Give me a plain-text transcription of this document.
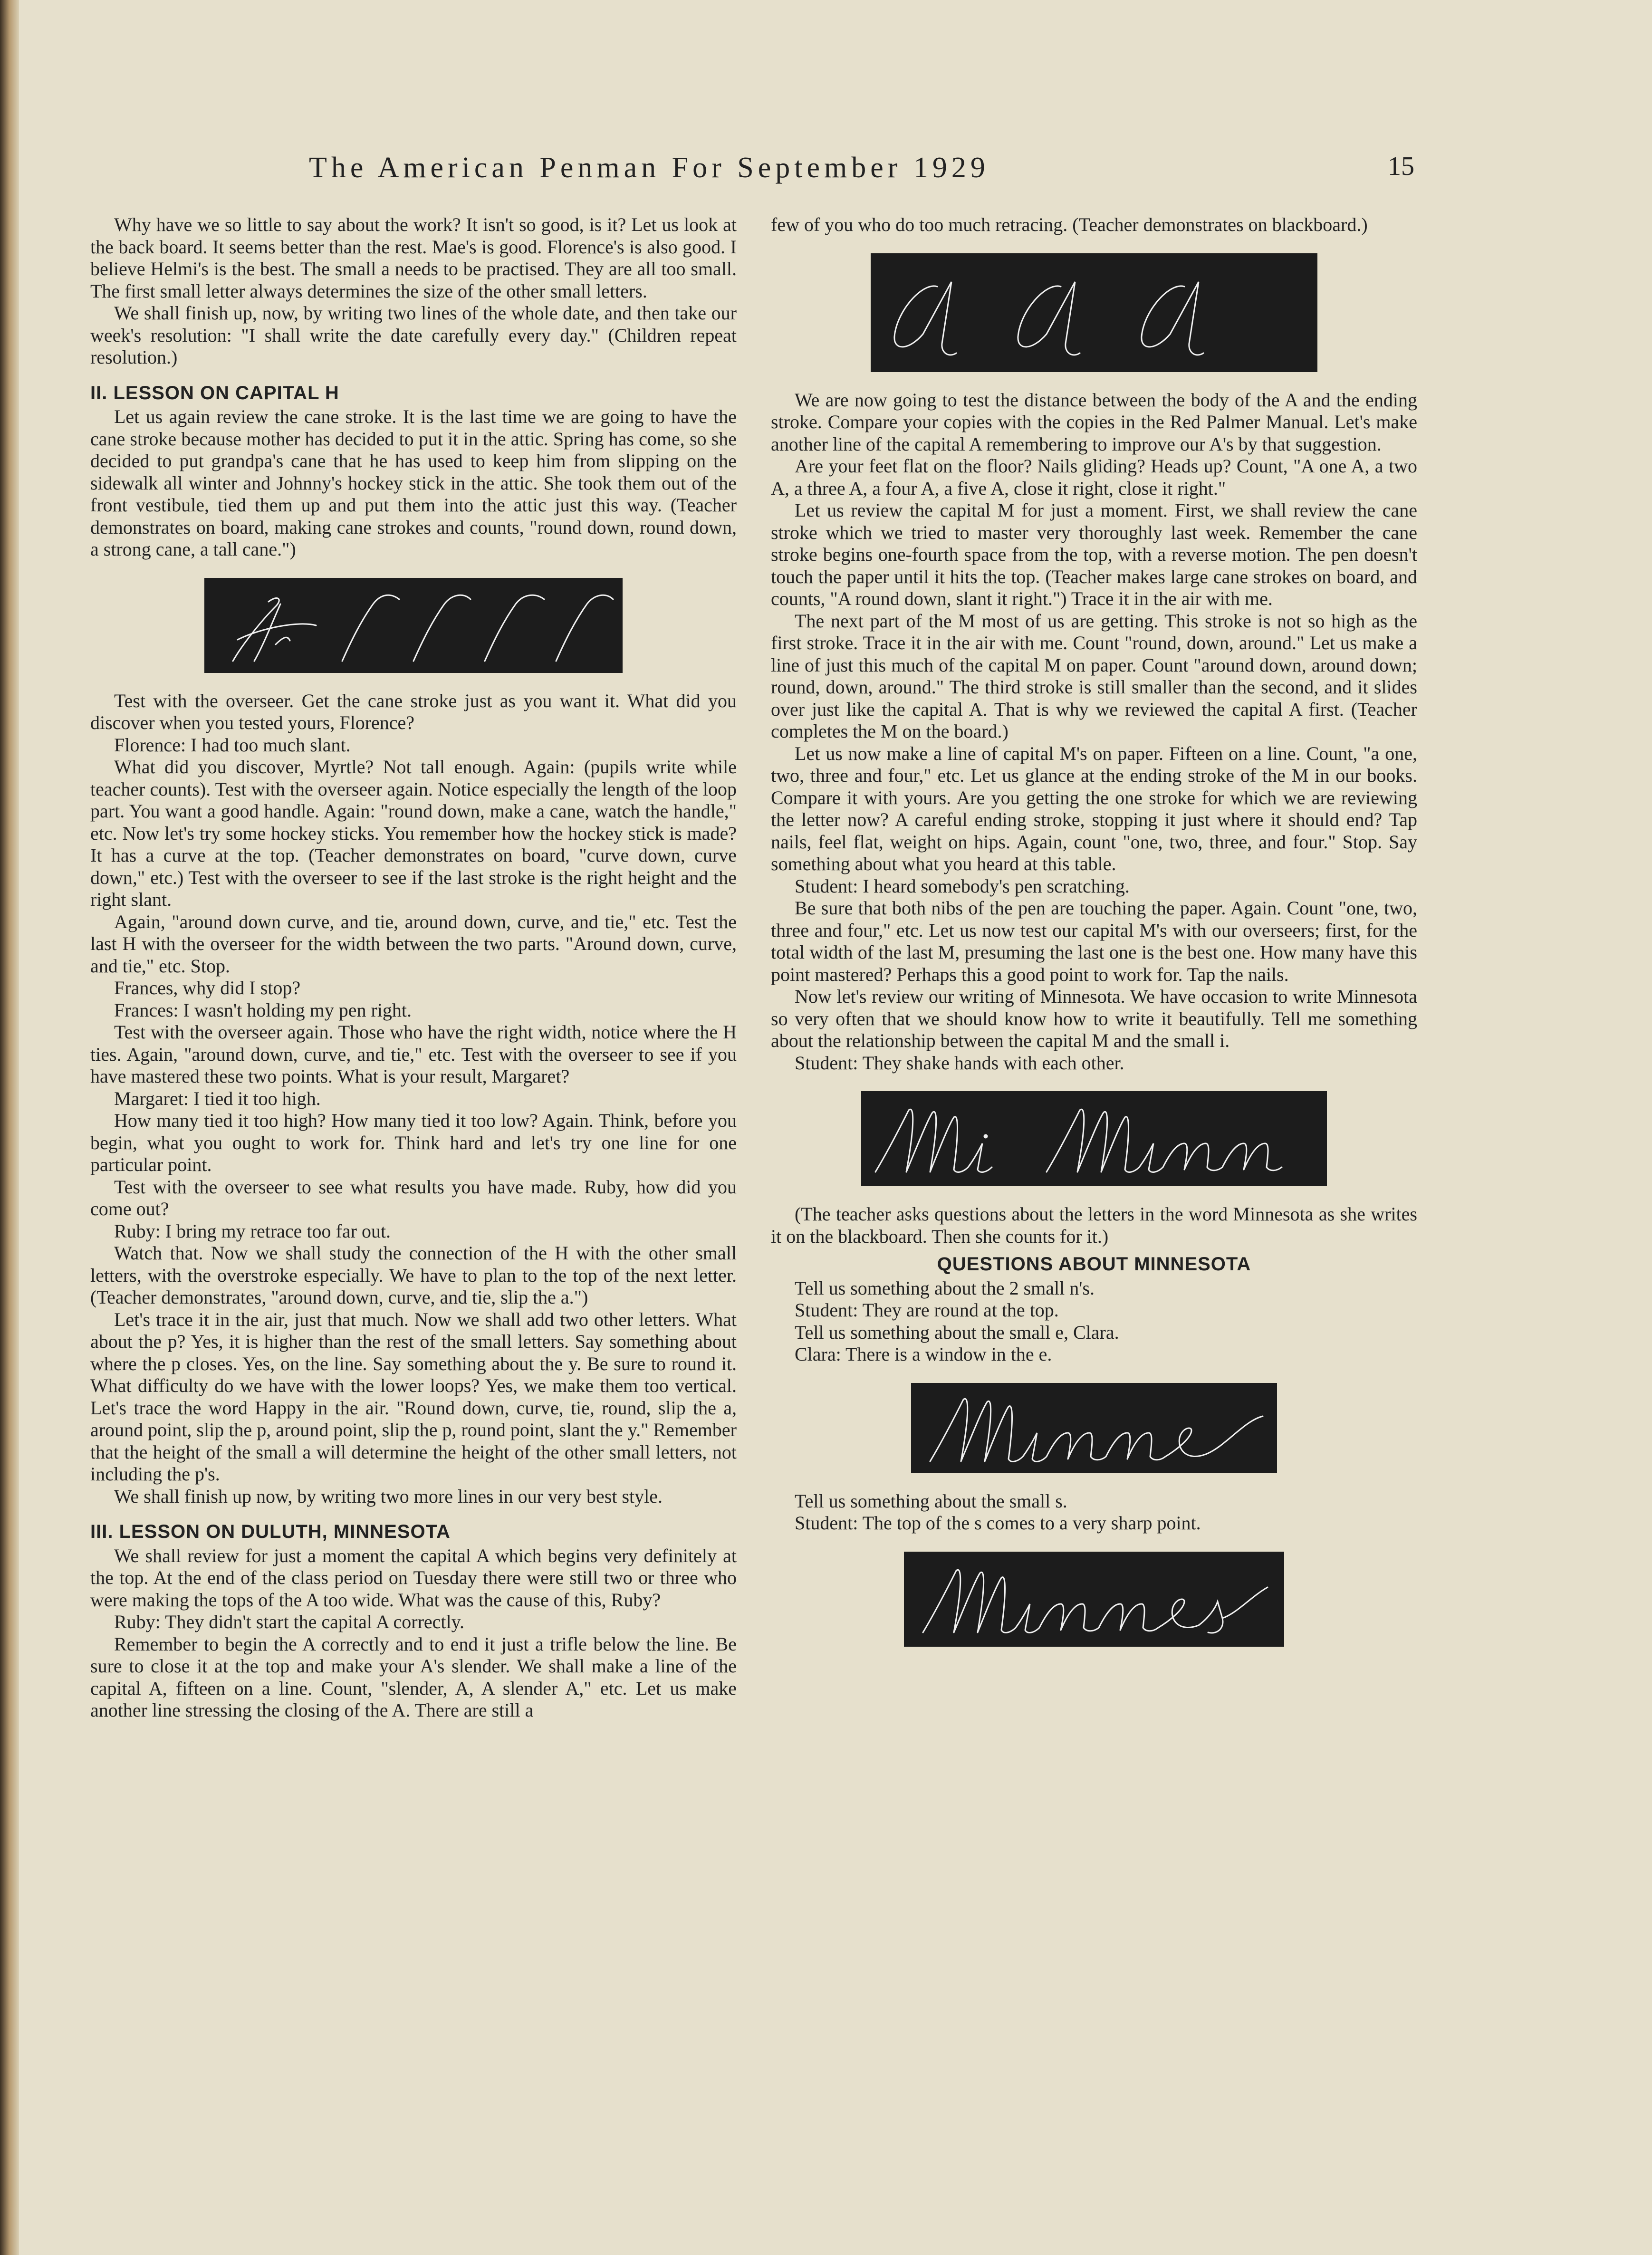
The American Penman For September 1929	15

Why have we so little to say about the work? It isn't so good, is it? Let us look at the back board. It seems better than the rest. Mae's is good. Florence's is also good. I believe Helmi's is the best. The small a needs to be practised. They are all too small. The first small letter always determines the size of the other small letters.

We shall finish up, now, by writing two lines of the whole date, and then take our week's resolution: "I shall write the date carefully every day." (Children repeat resolution.)

II. LESSON ON CAPITAL H

Let us again review the cane stroke. It is the last time we are going to have the cane stroke because mother has decided to put it in the attic. Spring has come, so she decided to put grandpa's cane that he has used to keep him from slipping on the sidewalk all winter and Johnny's hockey stick in the attic. She took them out of the front vestibule, tied them up and put them into the attic just this way. (Teacher demonstrates on board, making cane strokes and counts, "round down, round down, a strong cane, a tall cane.")

Test with the overseer. Get the cane stroke just as you want it. What did you discover when you tested yours, Florence?

Florence: I had too much slant.

What did you discover, Myrtle? Not tall enough. Again: (pupils write while teacher counts). Test with the overseer again. Notice especially the length of the loop part. You want a good handle. Again: "round down, make a cane, watch the handle," etc. Now let's try some hockey sticks. You remember how the hockey stick is made? It has a curve at the top. (Teacher demonstrates on board, "curve down, curve down," etc.) Test with the overseer to see if the last stroke is the right height and the right slant.

Again, "around down curve, and tie, around down, curve, and tie," etc. Test the last H with the overseer for the width between the two parts. "Around down, curve, and tie," etc. Stop.

Frances, why did I stop?

Frances: I wasn't holding my pen right.

Test with the overseer again. Those who have the right width, notice where the H ties. Again, "around down, curve, and tie," etc. Test with the overseer to see if you have mastered these two points. What is your result, Margaret?

Margaret: I tied it too high.

How many tied it too high? How many tied it too low? Again. Think, before you begin, what you ought to work for. Think hard and let's try one line for one particular point.

Test with the overseer to see what results you have made. Ruby, how did you come out?

Ruby: I bring my retrace too far out.

Watch that. Now we shall study the connection of the H with the other small letters, with the overstroke especially. We have to plan to the top of the next letter. (Teacher demonstrates, "around down, curve, and tie, slip the a.")

Let's trace it in the air, just that much. Now we shall add two other letters. What about the p? Yes, it is higher than the rest of the small letters. Say something about where the p closes. Yes, on the line. Say something about the y. Be sure to round it. What difficulty do we have with the lower loops? Yes, we make them too vertical. Let's trace the word Happy in the air. "Round down, curve, tie, round, slip the a, around point, slip the p, around point, slip the p, round point, slant the y." Remember that the height of the small a will determine the height of the other small letters, not including the p's.

We shall finish up now, by writing two more lines in our very best style.

III. LESSON ON DULUTH, MINNESOTA

We shall review for just a moment the capital A which begins very definitely at the top. At the end of the class period on Tuesday there were still two or three who were making the tops of the A too wide. What was the cause of this, Ruby?

Ruby: They didn't start the capital A correctly.

Remember to begin the A correctly and to end it just a trifle below the line. Be sure to close it at the top and make your A's slender. We shall make a line of the capital A, fifteen on a line. Count, "slender, A, A slender A," etc. Let us make another line stressing the closing of the A. There are still a

few of you who do too much retracing. (Teacher demonstrates on blackboard.)

We are now going to test the distance between the body of the A and the ending stroke. Compare your copies with the copies in the Red Palmer Manual. Let's make another line of the capital A remembering to improve our A's by that suggestion.

Are your feet flat on the floor? Nails gliding? Heads up? Count, "A one A, a two A, a three A, a four A, a five A, close it right, close it right."

Let us review the capital M for just a moment. First, we shall review the cane stroke which we tried to master very thoroughly last week. Remember the cane stroke begins one-fourth space from the top, with a reverse motion. The pen doesn't touch the paper until it hits the top. (Teacher makes large cane strokes on board, and counts, "A round down, slant it right.") Trace it in the air with me.

The next part of the M most of us are getting. This stroke is not so high as the first stroke. Trace it in the air with me. Count "round, down, around." Let us make a line of just this much of the capital M on paper. Count "around down, around down; round, down, around." The third stroke is still smaller than the second, and it slides over just like the capital A. That is why we reviewed the capital A first. (Teacher completes the M on the board.)

Let us now make a line of capital M's on paper. Fifteen on a line. Count, "a one, two, three and four," etc. Let us glance at the ending stroke of the M in our books. Compare it with yours. Are you getting the one stroke for which we are reviewing the letter now? A careful ending stroke, stopping it just where it should end? Tap nails, feel flat, weight on hips. Again, count "one, two, three, and four." Stop. Say something about what you heard at this table.

Student: I heard somebody's pen scratching.

Be sure that both nibs of the pen are touching the paper. Again. Count "one, two, three and four," etc. Let us now test our capital M's with our overseers; first, for the total width of the last M, presuming the last one is the best one. How many have this point mastered? Perhaps this a good point to work for. Tap the nails.

Now let's review our writing of Minnesota. We have occasion to write Minnesota so very often that we should know how to write it beautifully. Tell me something about the relationship between the capital M and the small i.

Student: They shake hands with each other.

(The teacher asks questions about the letters in the word Minnesota as she writes it on the blackboard. Then she counts for it.)

QUESTIONS ABOUT MINNESOTA

Tell us something about the 2 small n's.

Student: They are round at the top.

Tell us something about the small e, Clara.

Clara: There is a window in the e.

Tell us something about the small s.

Student: The top of the s comes to a very sharp point.
